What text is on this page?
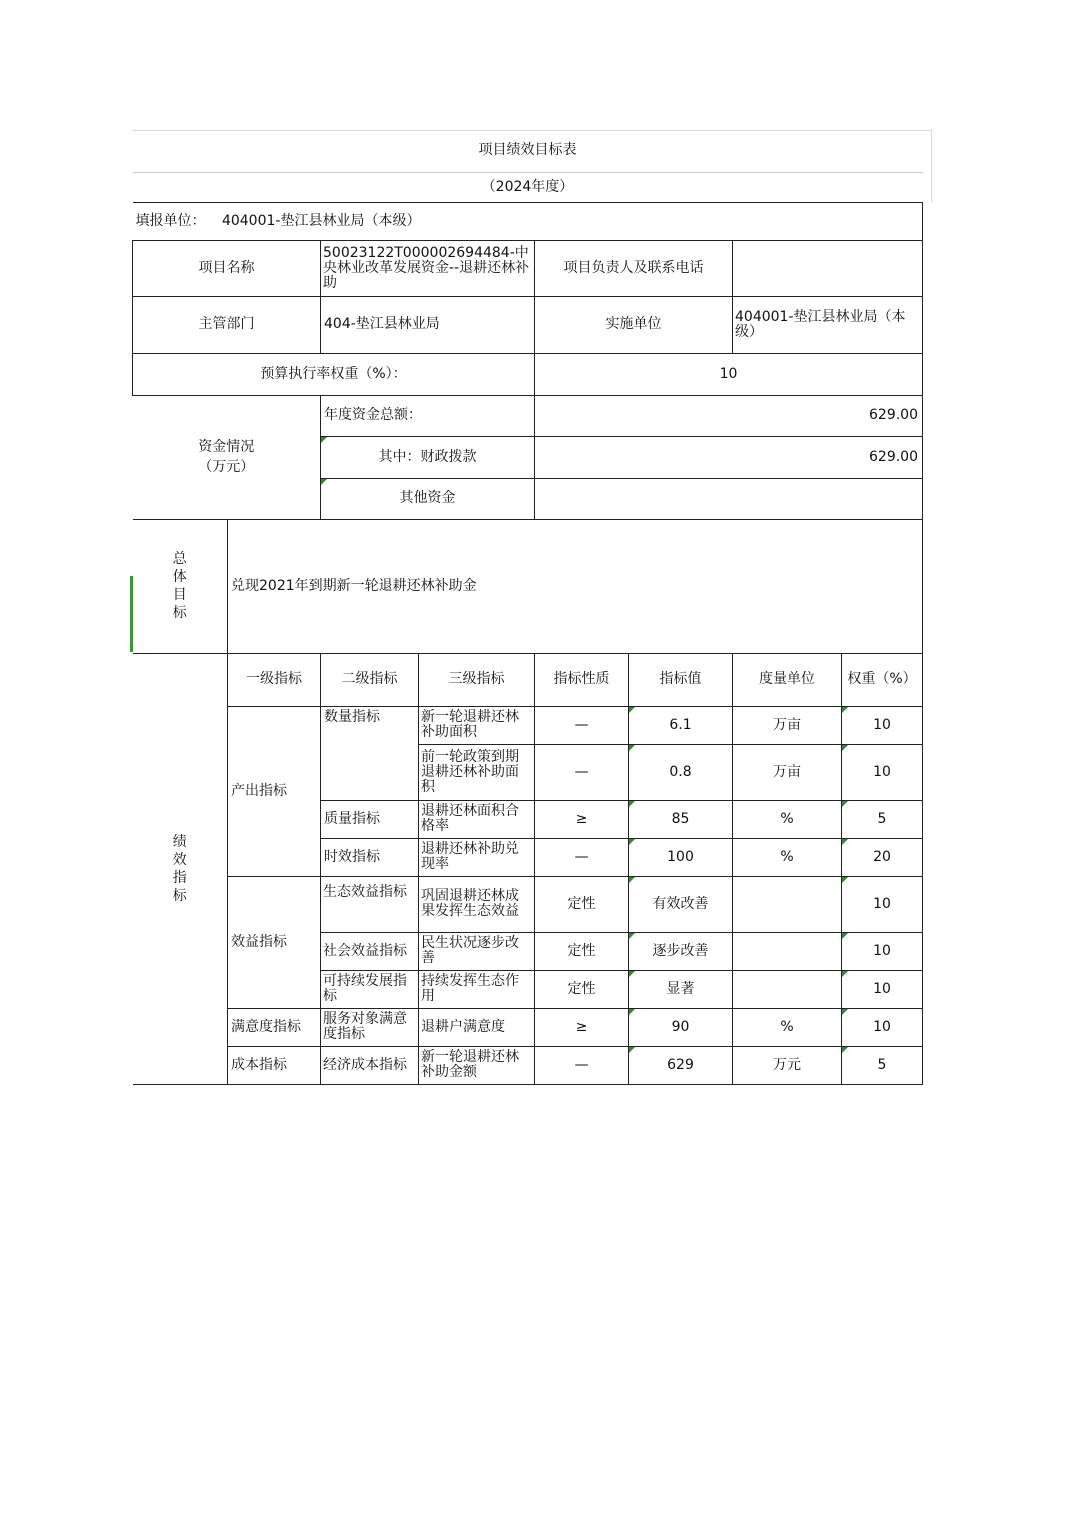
项目绩效目标表							
（2024年度）							
填报单位： 404001-垫江县林业局（本级）							
项目名称		50023122T000002694484-中央林业改革发展资金--退耕还林补助		项目负责人及联系电话			
主管部门		404-垫江县林业局		实施单位		404001-垫江县林业局（本级）	
预算执行率权重（%）：				10			

资金情况（万元）		年度资金总额：		629.00			
		其中：财政拨款		629.00			
		其他资金					

总体目标	兑现2021年到期新一轮退耕还林补助金						

绩效指标	一级指标	二级指标	三级指标	指标性质	指标值	度量单位	权重（%）
	产出指标	数量指标	新一轮退耕还林补助面积	—	6.1	万亩	10
			前一轮政策到期退耕还林补助面积	—	0.8	万亩	10
		质量指标	退耕还林面积合格率	≥	85	%	5
		时效指标	退耕还林补助兑现率	—	100	%	20
	效益指标	生态效益指标	巩固退耕还林成果发挥生态效益	定性	有效改善		10
		社会效益指标	民生状况逐步改善	定性	逐步改善		10
		可持续发展指标	持续发挥生态作用	定性	显著		10
	满意度指标	服务对象满意度指标	退耕户满意度	≥	90	%	10
	成本指标	经济成本指标	新一轮退耕还林补助金额	—	629	万元	5
